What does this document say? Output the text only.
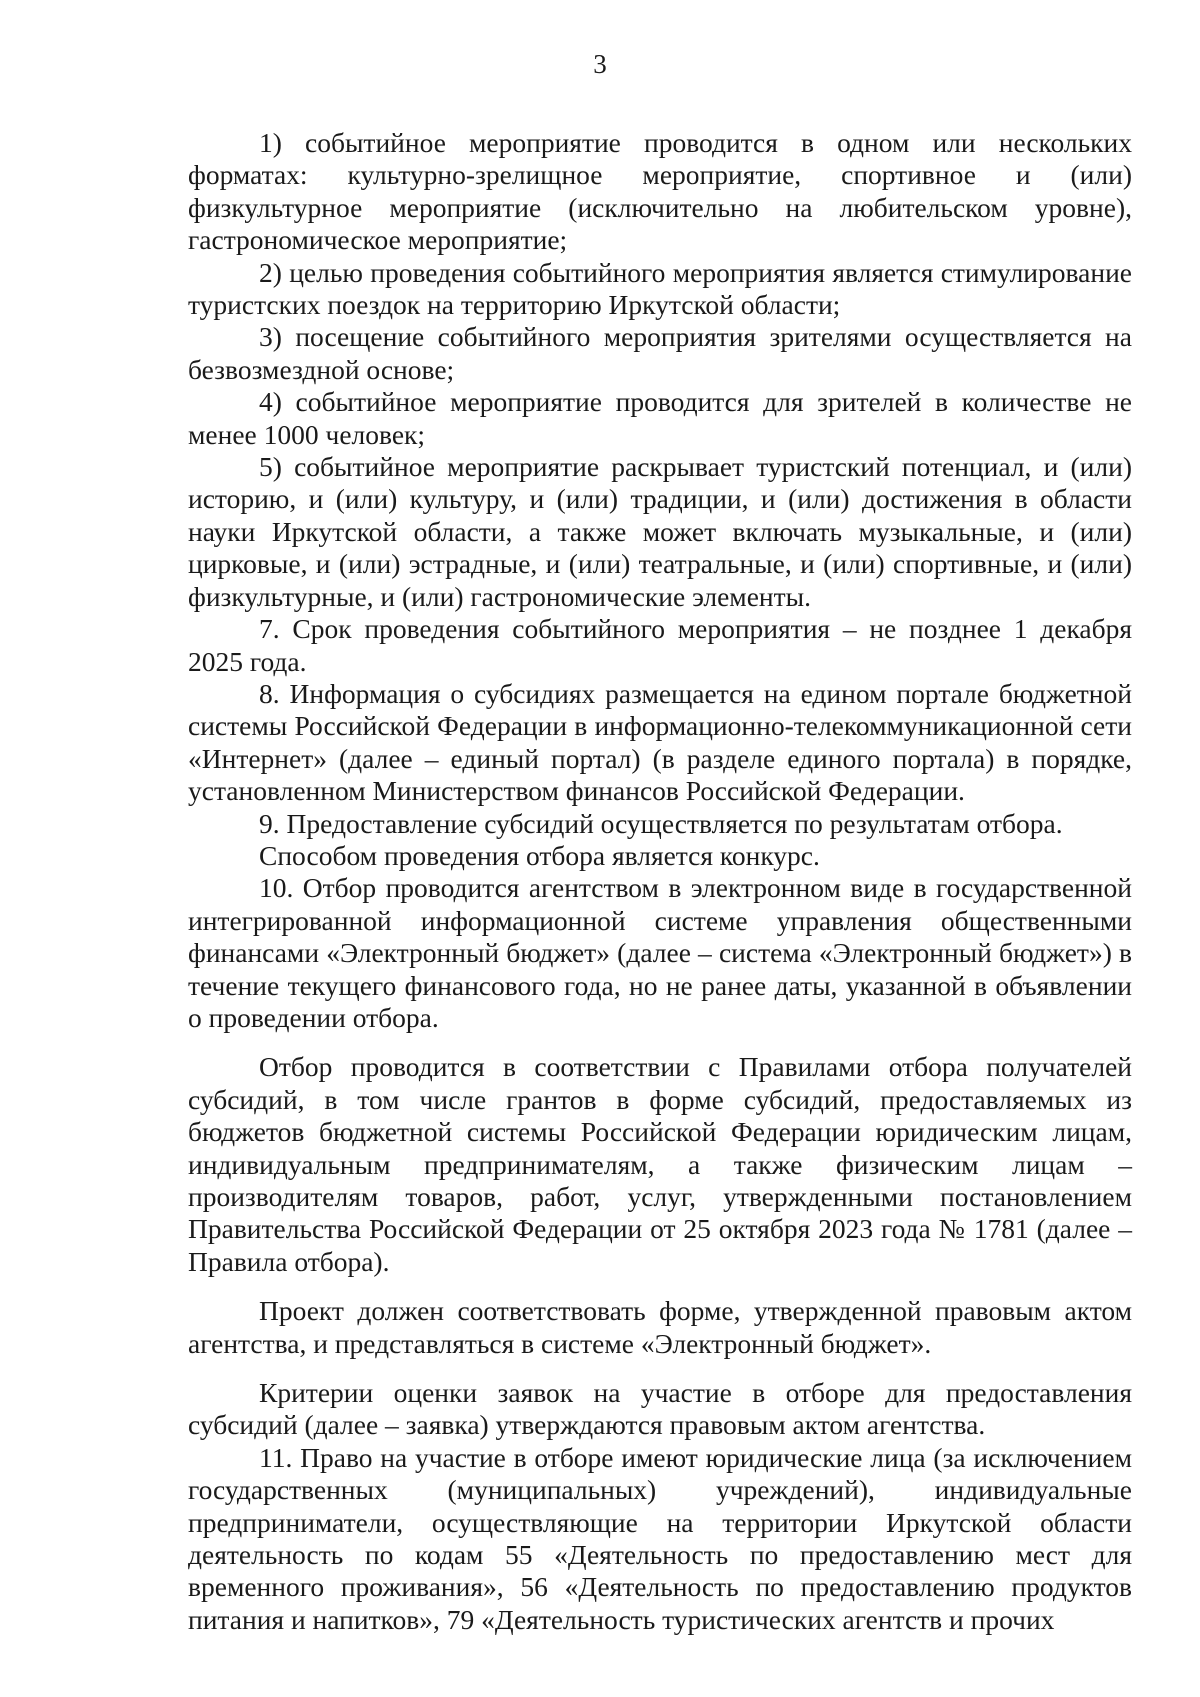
3

1) событийное мероприятие проводится в одном или нескольких форматах: культурно-зрелищное мероприятие, спортивное и (или) физкультурное мероприятие (исключительно на любительском уровне), гастрономическое мероприятие;

2) целью проведения событийного мероприятия является стимулирование туристских поездок на территорию Иркутской области;

3) посещение событийного мероприятия зрителями осуществляется на безвозмездной основе;

4) событийное мероприятие проводится для зрителей в количестве не менее 1000 человек;

5) событийное мероприятие раскрывает туристский потенциал, и (или) историю, и (или) культуру, и (или) традиции, и (или) достижения в области науки Иркутской области, а также может включать музыкальные, и (или) цирковые, и (или) эстрадные, и (или) театральные, и (или) спортивные, и (или) физкультурные, и (или) гастрономические элементы.

7. Срок проведения событийного мероприятия – не позднее 1 декабря 2025 года.

8. Информация о субсидиях размещается на едином портале бюджетной системы Российской Федерации в информационно-телекоммуникационной сети «Интернет» (далее – единый портал) (в разделе единого портала) в порядке, установленном Министерством финансов Российской Федерации.

9. Предоставление субсидий осуществляется по результатам отбора.

Способом проведения отбора является конкурс.

10. Отбор проводится агентством в электронном виде в государственной интегрированной информационной системе управления общественными финансами «Электронный бюджет» (далее – система «Электронный бюджет») в течение текущего финансового года, но не ранее даты, указанной в объявлении о проведении отбора.

Отбор проводится в соответствии с Правилами отбора получателей субсидий, в том числе грантов в форме субсидий, предоставляемых из бюджетов бюджетной системы Российской Федерации юридическим лицам, индивидуальным предпринимателям, а также физическим лицам – производителям товаров, работ, услуг, утвержденными постановлением Правительства Российской Федерации от 25 октября 2023 года № 1781 (далее – Правила отбора).

Проект должен соответствовать форме, утвержденной правовым актом агентства, и представляться в системе «Электронный бюджет».

Критерии оценки заявок на участие в отборе для предоставления субсидий (далее – заявка) утверждаются правовым актом агентства.

11. Право на участие в отборе имеют юридические лица (за исключением государственных (муниципальных) учреждений), индивидуальные предприниматели, осуществляющие на территории Иркутской области деятельность по кодам 55 «Деятельность по предоставлению мест для временного проживания», 56 «Деятельность по предоставлению продуктов питания и напитков», 79 «Деятельность туристических агентств и прочих
